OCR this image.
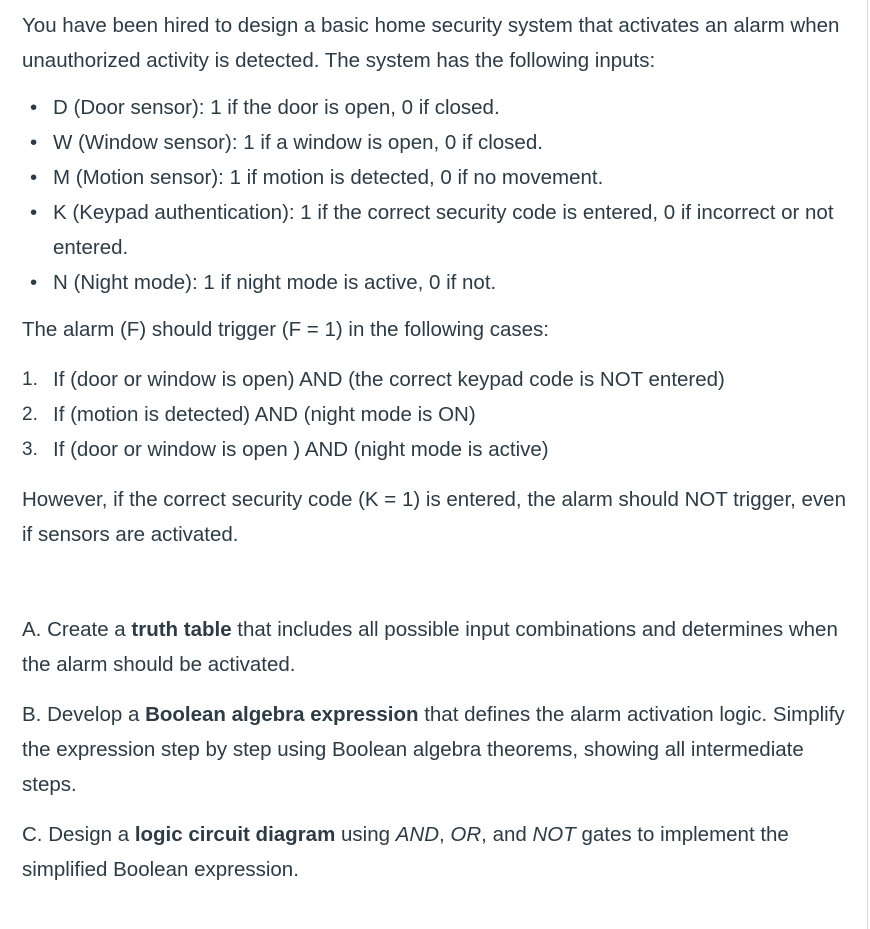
You have been hired to design a basic home security system that activates an alarm when unauthorized activity is detected. The system has the following inputs:

• D (Door sensor): 1 if the door is open, 0 if closed.
• W (Window sensor): 1 if a window is open, 0 if closed.
• M (Motion sensor): 1 if motion is detected, 0 if no movement.
• K (Keypad authentication): 1 if the correct security code is entered, 0 if incorrect or not entered.
• N (Night mode): 1 if night mode is active, 0 if not.

The alarm (F) should trigger (F = 1) in the following cases:

1. If (door or window is open) AND (the correct keypad code is NOT entered)
2. If (motion is detected) AND (night mode is ON)
3. If (door or window is open ) AND (night mode is active)

However, if the correct security code (K = 1) is entered, the alarm should NOT trigger, even if sensors are activated.

A. Create a truth table that includes all possible input combinations and determines when the alarm should be activated.

B. Develop a Boolean algebra expression that defines the alarm activation logic. Simplify the expression step by step using Boolean algebra theorems, showing all intermediate steps.

C. Design a logic circuit diagram using AND, OR, and NOT gates to implement the simplified Boolean expression.
